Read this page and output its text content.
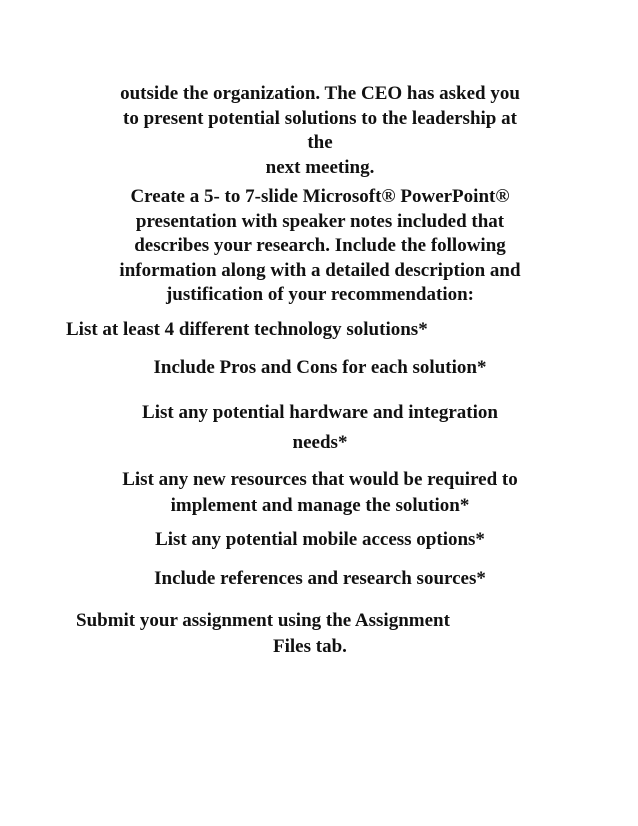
outside the organization. The CEO has asked you
to present potential solutions to the leadership at
the
next meeting.
Create a 5- to 7-slide Microsoft® PowerPoint®
presentation with speaker notes included that
describes your research. Include the following
information along with a detailed description and
justification of your recommendation:
List at least 4 different technology solutions*
Include Pros and Cons for each solution*
List any potential hardware and integration
needs*
List any new resources that would be required to
implement and manage the solution*
List any potential mobile access options*
Include references and research sources*
Submit your assignment using the Assignment
Files tab.
